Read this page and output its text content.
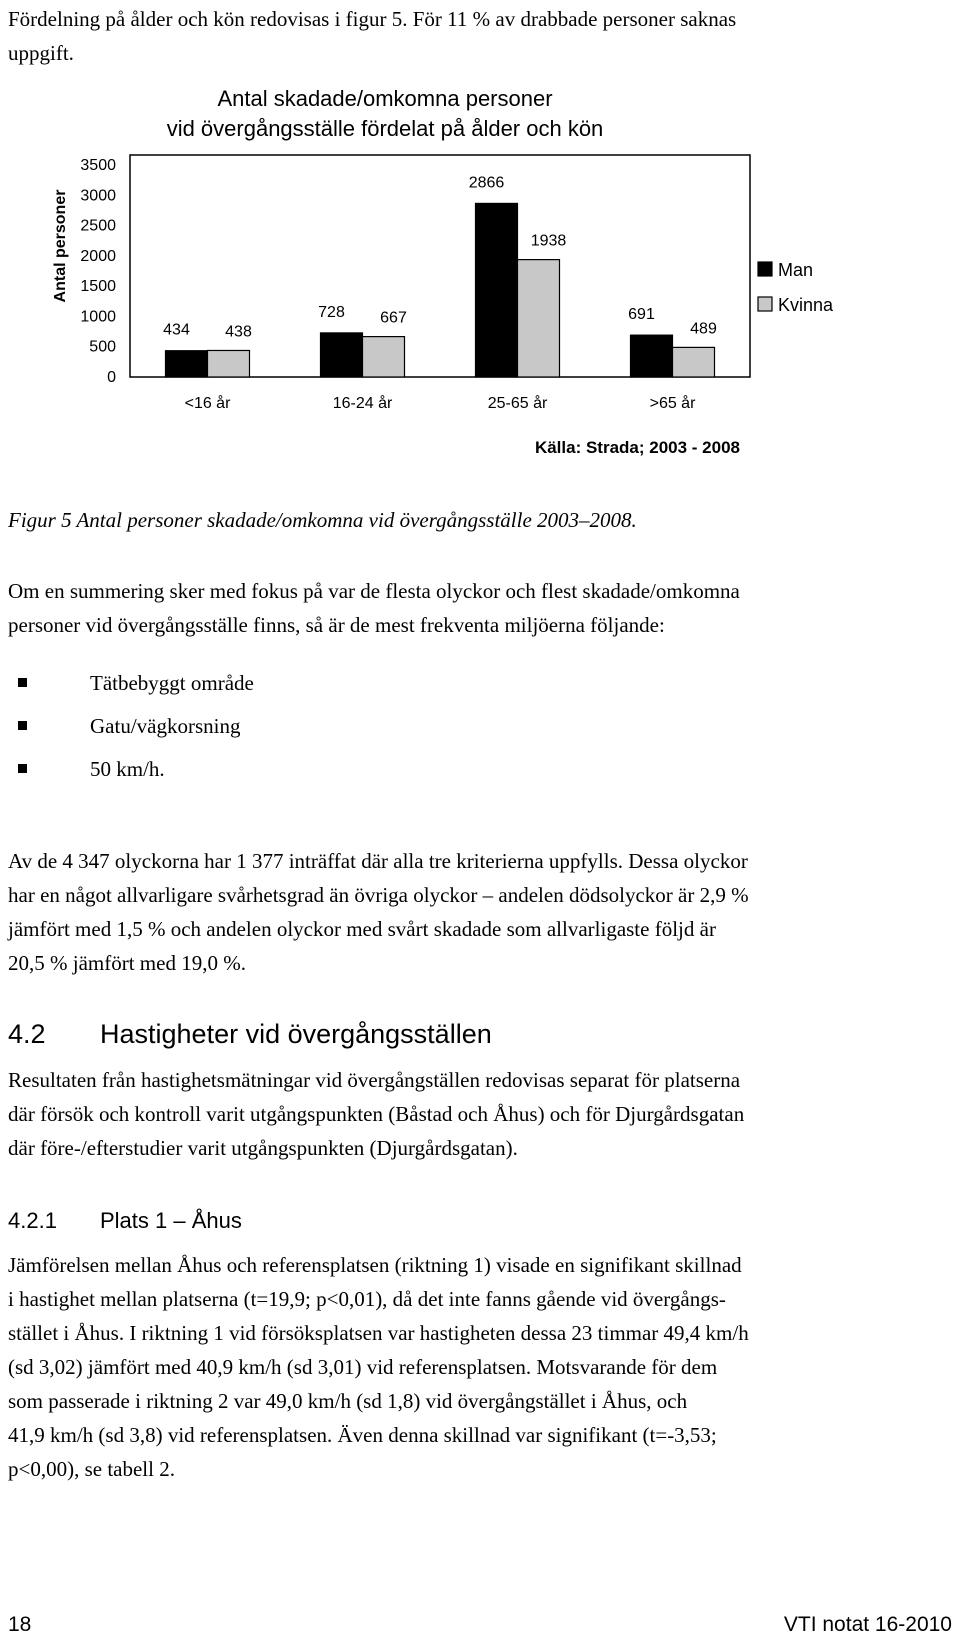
Fördelning på ålder och kön redovisas i figur 5. För 11 % av drabbade personer saknas
uppgift.

Antal skadade/omkomna personer
vid övergångsställe fördelat på ålder och kön
Antal personer
3500
3000
2500
2000
1500
1000
500
0
434 438
<16 år
728 667
16-24 år
2866
1938
25-65 år
691
489
>65 år
Man
Kvinna
Källa: Strada; 2003 - 2008
Figur 5 Antal personer skadade/omkomna vid övergångsställe 2003–2008.

Om en summering sker med fokus på var de flesta olyckor och flest skadade/omkomna
personer vid övergångsställe finns, så är de mest frekventa miljöerna följande:

Tätbebyggt område
Gatu/vägkorsning
50 km/h.

Av de 4 347 olyckorna har 1 377 inträffat där alla tre kriterierna uppfylls. Dessa olyckor
har en något allvarligare svårhetsgrad än övriga olyckor – andelen dödsolyckor är 2,9 %
jämfört med 1,5 % och andelen olyckor med svårt skadade som allvarligaste följd är
20,5 % jämfört med 19,0 %.

4.2 Hastigheter vid övergångsställen

Resultaten från hastighetsmätningar vid övergångställen redovisas separat för platserna
där försök och kontroll varit utgångspunkten (Båstad och Åhus) och för Djurgårdsgatan
där före-/efterstudier varit utgångspunkten (Djurgårdsgatan).

4.2.1 Plats 1 – Åhus

Jämförelsen mellan Åhus och referensplatsen (riktning 1) visade en signifikant skillnad
i hastighet mellan platserna (t=19,9; p<0,01), då det inte fanns gående vid övergångs-
stället i Åhus. I riktning 1 vid försöksplatsen var hastigheten dessa 23 timmar 49,4 km/h
(sd 3,02) jämfört med 40,9 km/h (sd 3,01) vid referensplatsen. Motsvarande för dem
som passerade i riktning 2 var 49,0 km/h (sd 1,8) vid övergångstället i Åhus, och
41,9 km/h (sd 3,8) vid referensplatsen. Även denna skillnad var signifikant (t=-3,53;
p<0,00), se tabell 2.

18	VTI notat 16-2010
